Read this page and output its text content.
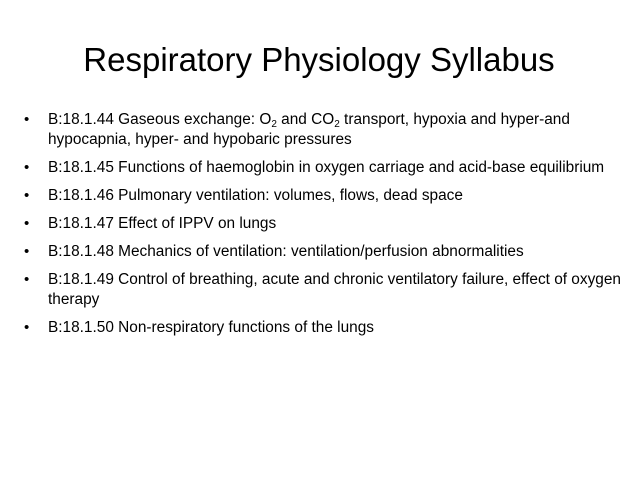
Respiratory Physiology Syllabus
•	B:18.1.44 Gaseous exchange: $O_2$ and $CO_2$ transport, hypoxia and hyper-and hypocapnia, hyper- and hypobaric pressures
•	B:18.1.45 Functions of haemoglobin in oxygen carriage and acid-base equilibrium
•	B:18.1.46 Pulmonary ventilation: volumes, flows, dead space
•	B:18.1.47 Effect of IPPV on lungs
•	B:18.1.48 Mechanics of ventilation: ventilation/perfusion abnormalities
•	B:18.1.49 Control of breathing, acute and chronic ventilatory failure, effect of oxygen therapy
•	B:18.1.50 Non-respiratory functions of the lungs
